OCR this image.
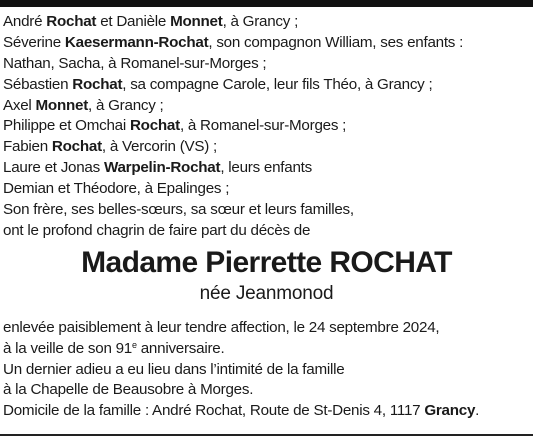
André Rochat et Danièle Monnet, à Grancy ;
Séverine Kaesermann-Rochat, son compagnon William, ses enfants :
Nathan, Sacha, à Romanel-sur-Morges ;
Sébastien Rochat, sa compagne Carole, leur fils Théo, à Grancy ;
Axel Monnet, à Grancy ;
Philippe et Omchai Rochat, à Romanel-sur-Morges ;
Fabien Rochat, à Vercorin (VS) ;
Laure et Jonas Warpelin-Rochat, leurs enfants
Demian et Théodore, à Epalinges ;
Son frère, ses belles-sœurs, sa sœur et leurs familles,
ont le profond chagrin de faire part du décès de
Madame Pierrette ROCHAT
née Jeanmonod
enlevée paisiblement à leur tendre affection, le 24 septembre 2024,
à la veille de son 91e anniversaire.
Un dernier adieu a eu lieu dans l’intimité de la famille
à la Chapelle de Beausobre à Morges.
Domicile de la famille : André Rochat, Route de St-Denis 4, 1117 Grancy.
